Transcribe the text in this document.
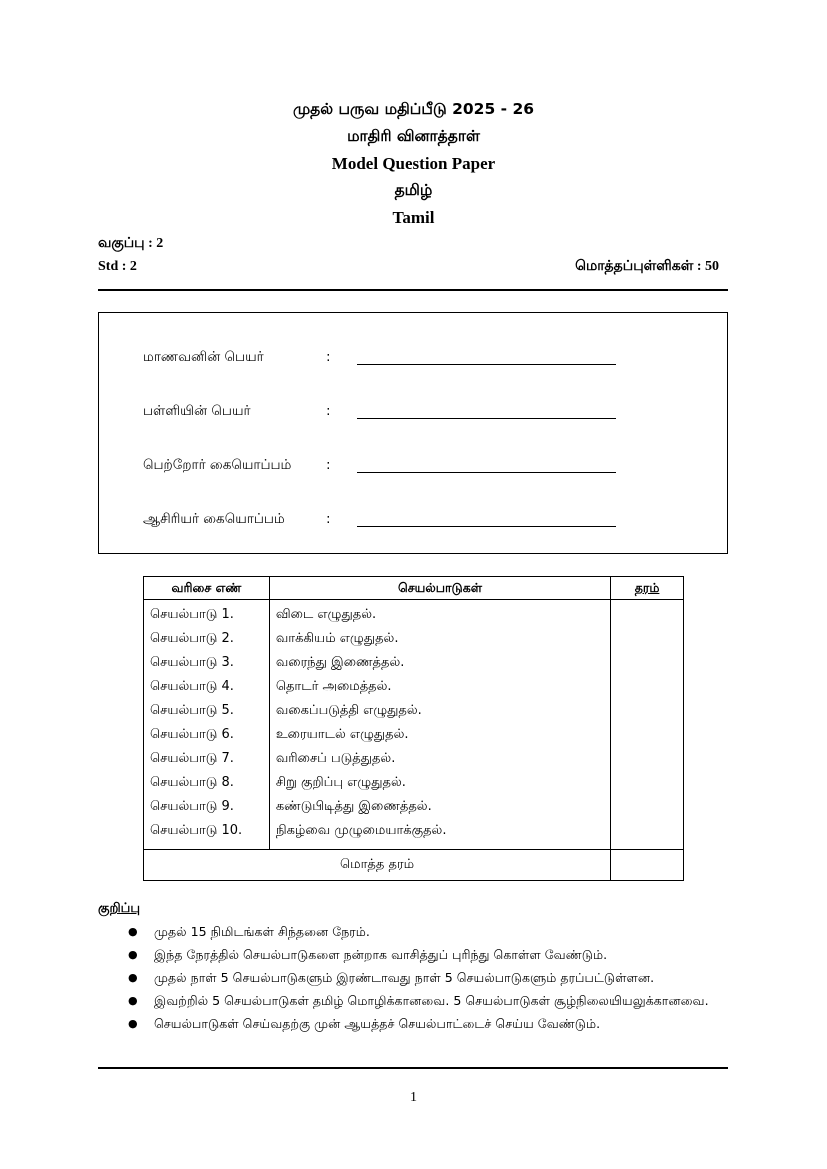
முதல் பருவ மதிப்பீடு 2025 - 26
மாதிரி வினாத்தாள்
Model Question Paper
தமிழ்
Tamil
வகுப்பு : 2
Std : 2	மொத்தப்புள்ளிகள் : 50
மாணவனின் பெயர்	:
பள்ளியின் பெயர்	:
பெற்றோர் கையொப்பம்	:
ஆசிரியர் கையொப்பம்	:
வரிசை எண்	செயல்பாடுகள்	தரம்
செயல்பாடு 1.	விடை எழுதுதல்.	
செயல்பாடு 2.	வாக்கியம் எழுதுதல்.	
செயல்பாடு 3.	வரைந்து இணைத்தல்.	
செயல்பாடு 4.	தொடர் அமைத்தல்.	
செயல்பாடு 5.	வகைப்படுத்தி எழுதுதல்.	
செயல்பாடு 6.	உரையாடல் எழுதுதல்.	
செயல்பாடு 7.	வரிசைப் படுத்துதல்.	
செயல்பாடு 8.	சிறு குறிப்பு எழுதுதல்.	
செயல்பாடு 9.	கண்டுபிடித்து இணைத்தல்.	
செயல்பாடு 10.	நிகழ்வை முழுமையாக்குதல்.	
மொத்த தரம்		
குறிப்பு
● முதல் 15 நிமிடங்கள் சிந்தனை நேரம்.
● இந்த நேரத்தில் செயல்பாடுகளை நன்றாக வாசித்துப் புரிந்து கொள்ள வேண்டும்.
● முதல் நாள் 5 செயல்பாடுகளும் இரண்டாவது நாள் 5 செயல்பாடுகளும் தரப்பட்டுள்ளன.
● இவற்றில் 5 செயல்பாடுகள் தமிழ் மொழிக்கானவை. 5 செயல்பாடுகள் சூழ்நிலையியலுக்கானவை.
● செயல்பாடுகள் செய்வதற்கு முன் ஆயத்தச் செயல்பாட்டைச் செய்ய வேண்டும்.
1
